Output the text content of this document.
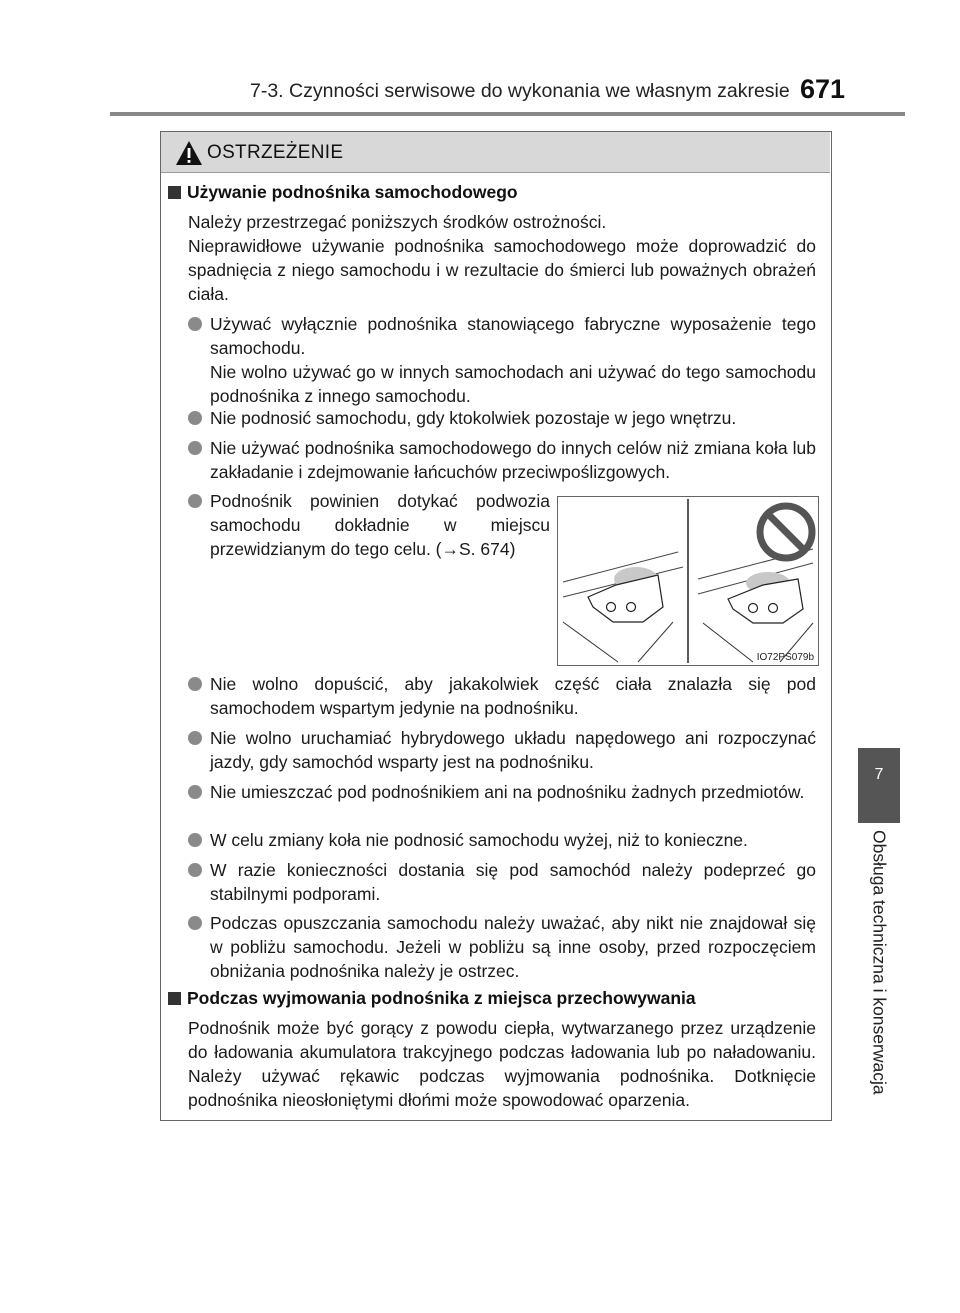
7-3. Czynności serwisowe do wykonania we własnym zakresie 671
7
Obsługa techniczna i konserwacja
OSTRZEŻENIE
Używanie podnośnika samochodowego
Należy przestrzegać poniższych środków ostrożności.
Nieprawidłowe używanie podnośnika samochodowego może doprowadzić do spadnięcia z niego samochodu i w rezultacie do śmierci lub poważnych obrażeń ciała.
Używać wyłącznie podnośnika stanowiącego fabryczne wyposażenie tego samochodu.
Nie wolno używać go w innych samochodach ani używać do tego samochodu podnośnika z innego samochodu.
Nie podnosić samochodu, gdy ktokolwiek pozostaje w jego wnętrzu.
Nie używać podnośnika samochodowego do innych celów niż zmiana koła lub zakładanie i zdejmowanie łańcuchów przeciwpoślizgowych.
Podnośnik powinien dotykać podwozia samochodu dokładnie w miejscu przewidzianym do tego celu. (→S. 674)
IO72PS079b
Nie wolno dopuścić, aby jakakolwiek część ciała znalazła się pod samochodem wspartym jedynie na podnośniku.
Nie wolno uruchamiać hybrydowego układu napędowego ani rozpoczynać jazdy, gdy samochód wsparty jest na podnośniku.
Nie umieszczać pod podnośnikiem ani na podnośniku żadnych przedmiotów.
W celu zmiany koła nie podnosić samochodu wyżej, niż to konieczne.
W razie konieczności dostania się pod samochód należy podeprzeć go stabilnymi podporami.
Podczas opuszczania samochodu należy uważać, aby nikt nie znajdował się w pobliżu samochodu. Jeżeli w pobliżu są inne osoby, przed rozpoczęciem obniżania podnośnika należy je ostrzec.
Podczas wyjmowania podnośnika z miejsca przechowywania
Podnośnik może być gorący z powodu ciepła, wytwarzanego przez urządzenie do ładowania akumulatora trakcyjnego podczas ładowania lub po naładowaniu. Należy używać rękawic podczas wyjmowania podnośnika. Dotknięcie podnośnika nieosłoniętymi dłońmi może spowodować oparzenia.
